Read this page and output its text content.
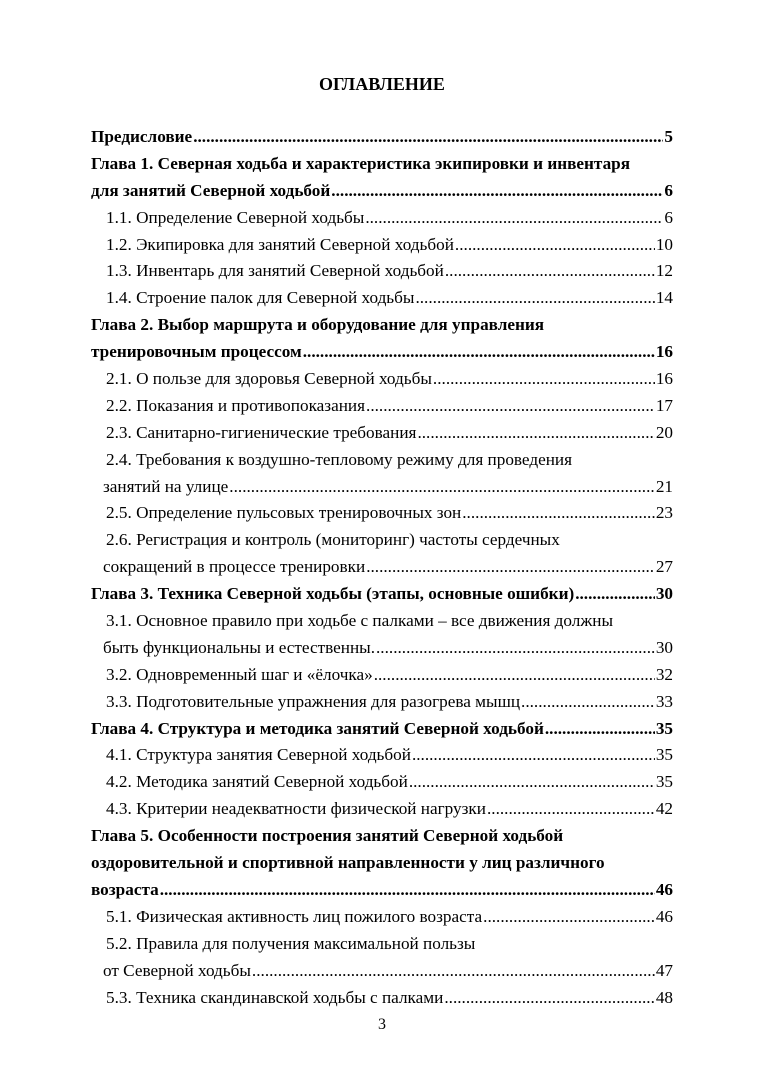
ОГЛАВЛЕНИЕ
Предисловие .....	5
Глава 1. Северная ходьба и характеристика экипировки и инвентаря
для занятий Северной ходьбой .....	6
1.1. Определение Северной ходьбы .....	6
1.2. Экипировка для занятий Северной ходьбой .....	10
1.3. Инвентарь для занятий Северной ходьбой .....	12
1.4. Строение палок для Северной ходьбы .....	14
Глава 2. Выбор маршрута и оборудование для управления
тренировочным процессом .....	16
2.1. О пользе для здоровья Северной ходьбы .....	16
2.2. Показания и противопоказания .....	17
2.3. Санитарно-гигиенические требования .....	20
2.4. Требования к воздушно-тепловому режиму для проведения
занятий на улице .....	21
2.5. Определение пульсовых тренировочных зон .....	23
2.6. Регистрация и контроль (мониторинг) частоты сердечных
сокращений в процессе тренировки .....	27
Глава 3. Техника Северной ходьбы (этапы, основные ошибки) .....	30
3.1. Основное правило при ходьбе с палками – все движения должны
быть функциональны и естественны. .....	30
3.2. Одновременный шаг и «ёлочка» .....	32
3.3. Подготовительные упражнения для разогрева мышц .....	33
Глава 4. Структура и методика занятий Северной ходьбой .....	35
4.1. Структура занятия Северной ходьбой .....	35
4.2. Методика занятий Северной ходьбой .....	35
4.3. Критерии неадекватности физической нагрузки .....	42
Глава 5. Особенности построения занятий Северной ходьбой
оздоровительной и спортивной направленности у лиц различного
возраста .....	46
5.1. Физическая активность лиц пожилого возраста .....	46
5.2. Правила для получения максимальной пользы
от Северной ходьбы .....	47
5.3. Техника скандинавской ходьбы с палками .....	48
3
